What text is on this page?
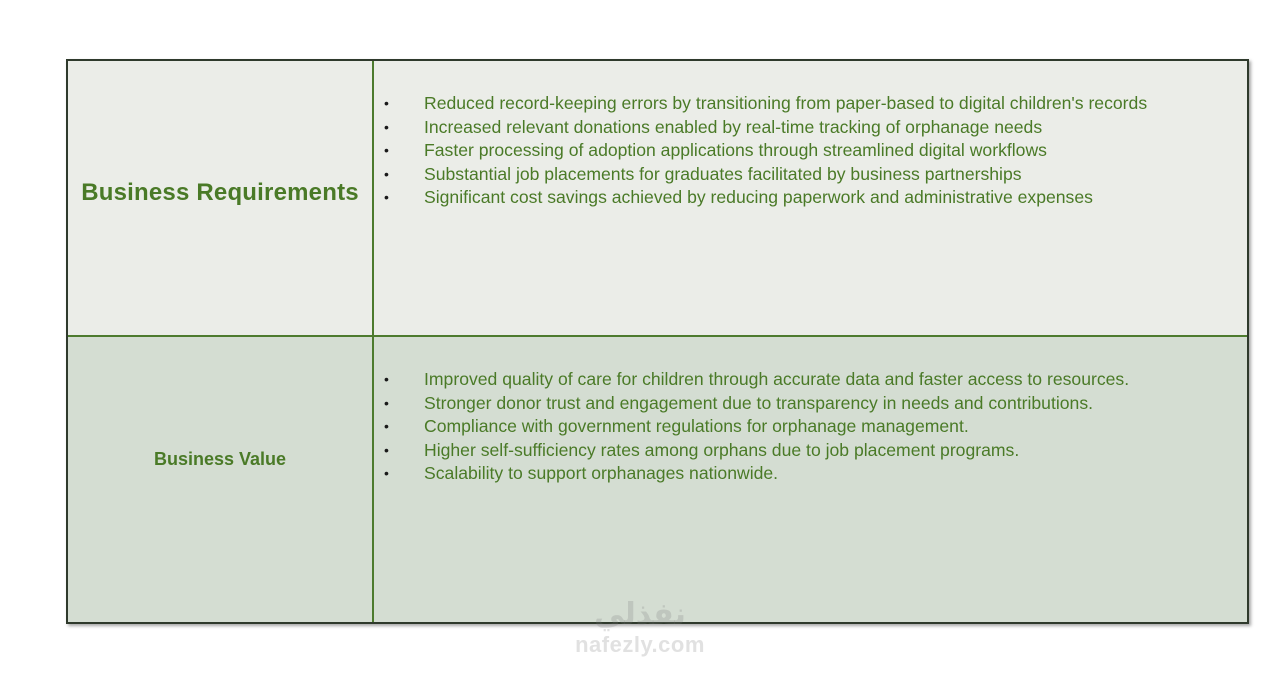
Business Requirements
• Reduced record-keeping errors by transitioning from paper-based to digital children's records
• Increased relevant donations enabled by real-time tracking of orphanage needs
• Faster processing of adoption applications through streamlined digital workflows
• Substantial job placements for graduates facilitated by business partnerships
• Significant cost savings achieved by reducing paperwork and administrative expenses
Business Value
• Improved quality of care for children through accurate data and faster access to resources.
• Stronger donor trust and engagement due to transparency in needs and contributions.
• Compliance with government regulations for orphanage management.
• Higher self-sufficiency rates among orphans due to job placement programs.
• Scalability to support orphanages nationwide.
نفذلي
nafezly.com
